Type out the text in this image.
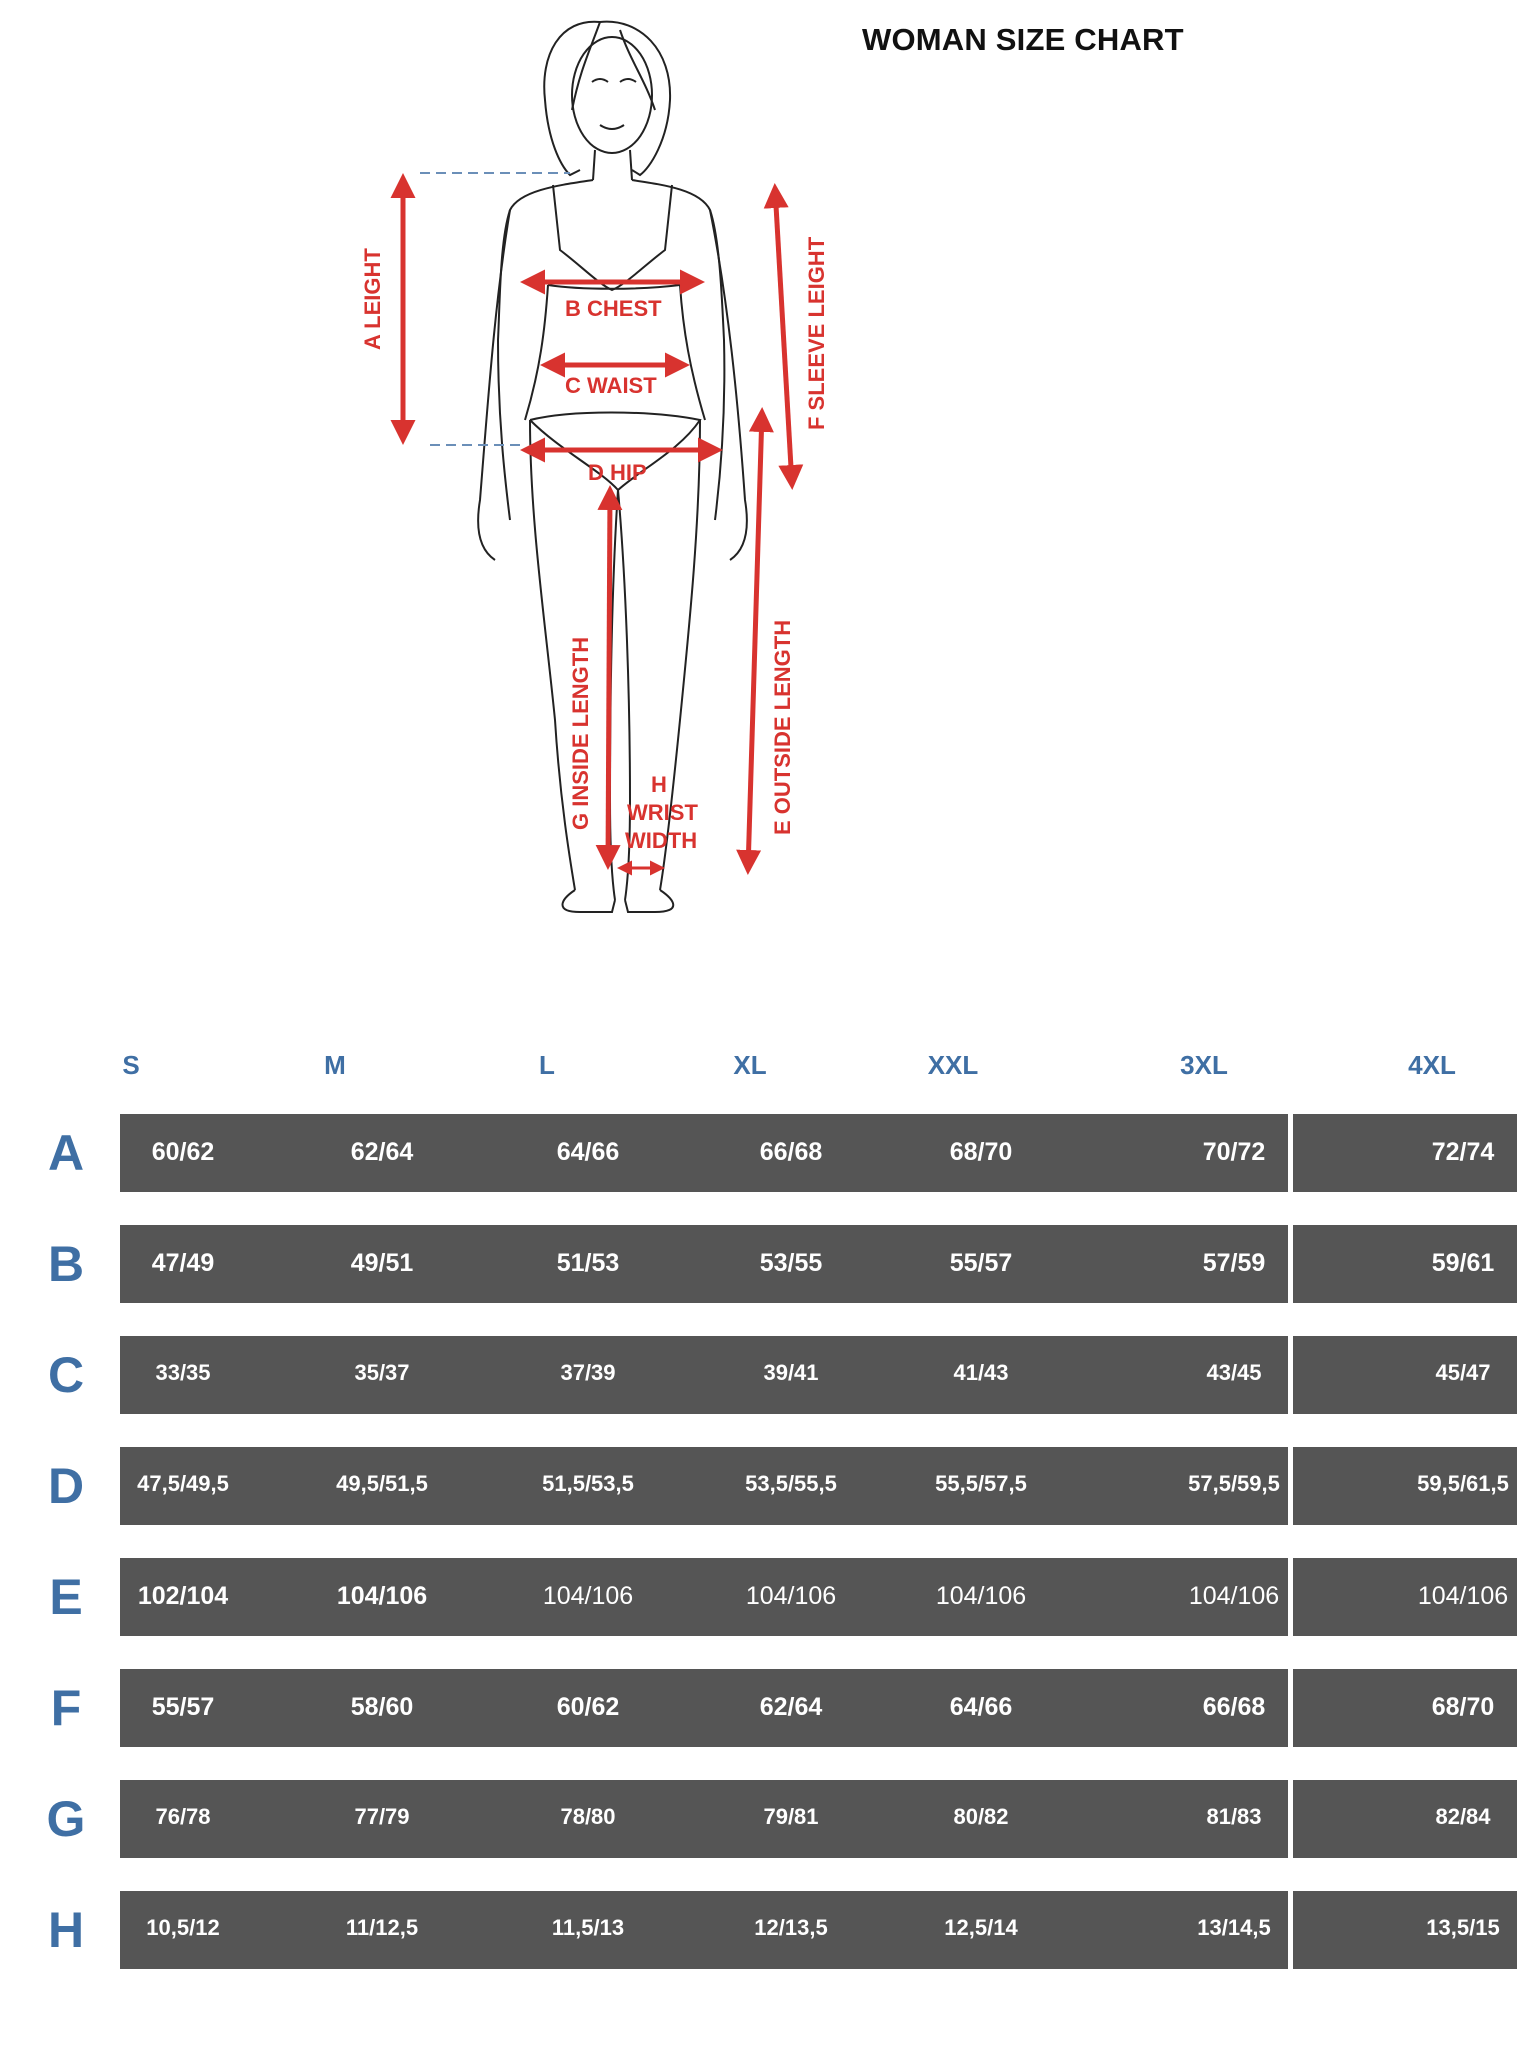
WOMAN SIZE CHART
A LEIGHT	B CHEST
C WAIST
D HIP
E OUTSIDE LENGTH
F SLEEVE LEIGHT
G INSIDE LENGTH	H
WRIST
WIDTH
S	M	L	XL	XXL	3XL	4XL
A	60/62	62/64	64/66	66/68	68/70	70/72	72/74
B	47/49	49/51	51/53	53/55	55/57	57/59	59/61
C	33/35	35/37	37/39	39/41	41/43	43/45	45/47
D 47,5/49,5	49,5/51,5	51,5/53,5	53,5/55,5	55,5/57,5	57,5/59,5	59,5/61,5
E 102/104	104/106	104/106	104/106	104/106	104/106	104/106
F	55/57	58/60	60/62	62/64	64/66	66/68	68/70
G	76/78	77/79	78/80	79/81	80/82	81/83	82/84
H	10,5/12	11/12,5	11,5/13	12/13,5	12,5/14	13/14,5	13,5/15
